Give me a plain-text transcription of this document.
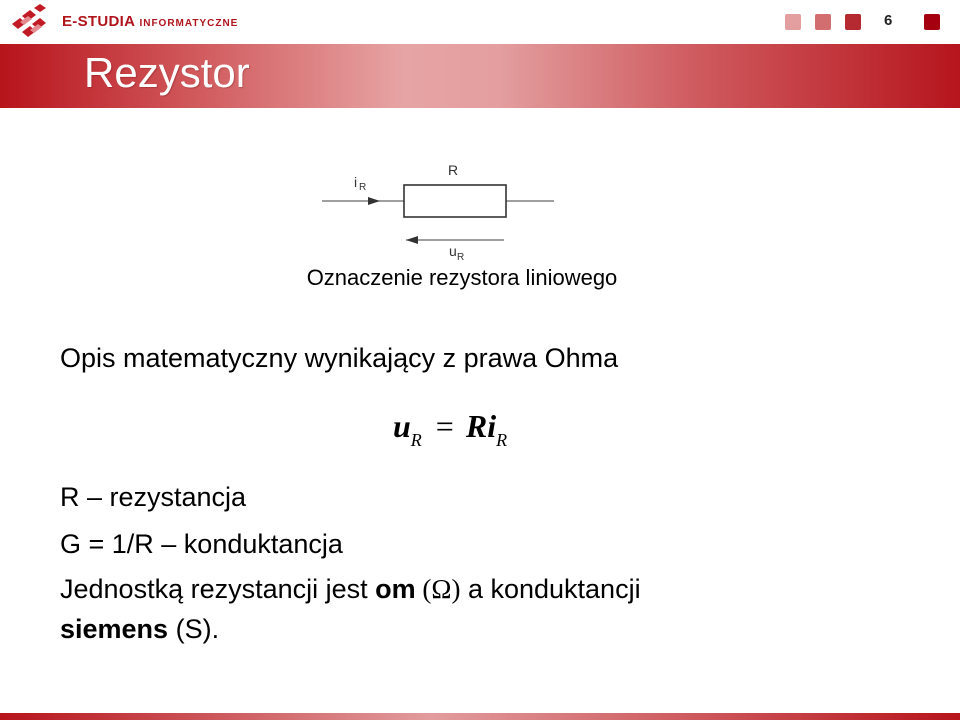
E-STUDIA INFORMATYCZNE	6
Rezystor
R
i R
u R
Oznaczenie rezystora liniowego
Opis matematyczny wynikający z prawa Ohma
$u_R = Ri_R$
R – rezystancja
G = 1/R – konduktancja
Jednostką rezystancji jest om (Ω) a konduktancji
siemens (S).
